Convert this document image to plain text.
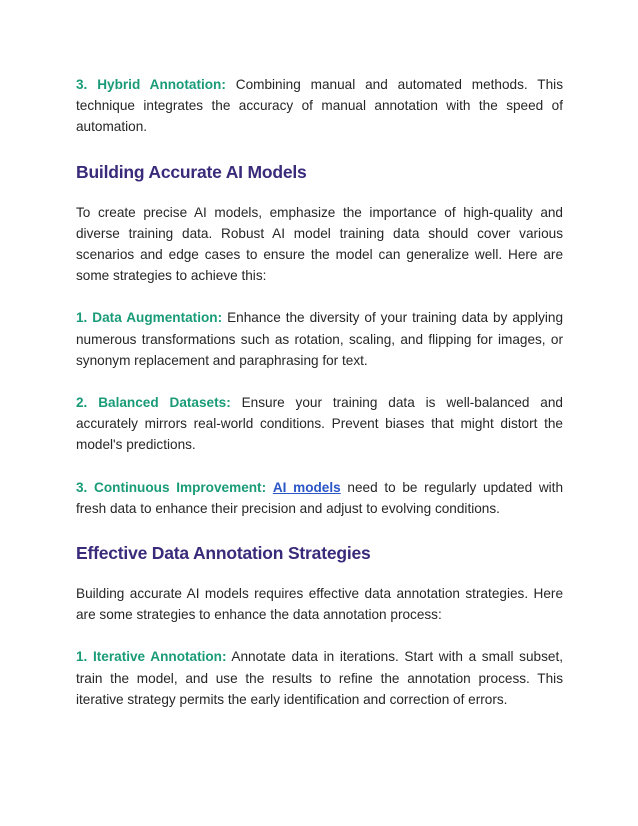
3. Hybrid Annotation: Combining manual and automated methods. This technique integrates the accuracy of manual annotation with the speed of automation.

Building Accurate AI Models

To create precise AI models, emphasize the importance of high-quality and diverse training data. Robust AI model training data should cover various scenarios and edge cases to ensure the model can generalize well. Here are some strategies to achieve this:

1. Data Augmentation: Enhance the diversity of your training data by applying numerous transformations such as rotation, scaling, and flipping for images, or synonym replacement and paraphrasing for text.

2. Balanced Datasets: Ensure your training data is well-balanced and accurately mirrors real-world conditions. Prevent biases that might distort the model's predictions.

3. Continuous Improvement: AI models need to be regularly updated with fresh data to enhance their precision and adjust to evolving conditions.

Effective Data Annotation Strategies

Building accurate AI models requires effective data annotation strategies. Here are some strategies to enhance the data annotation process:

1. Iterative Annotation: Annotate data in iterations. Start with a small subset, train the model, and use the results to refine the annotation process. This iterative strategy permits the early identification and correction of errors.
